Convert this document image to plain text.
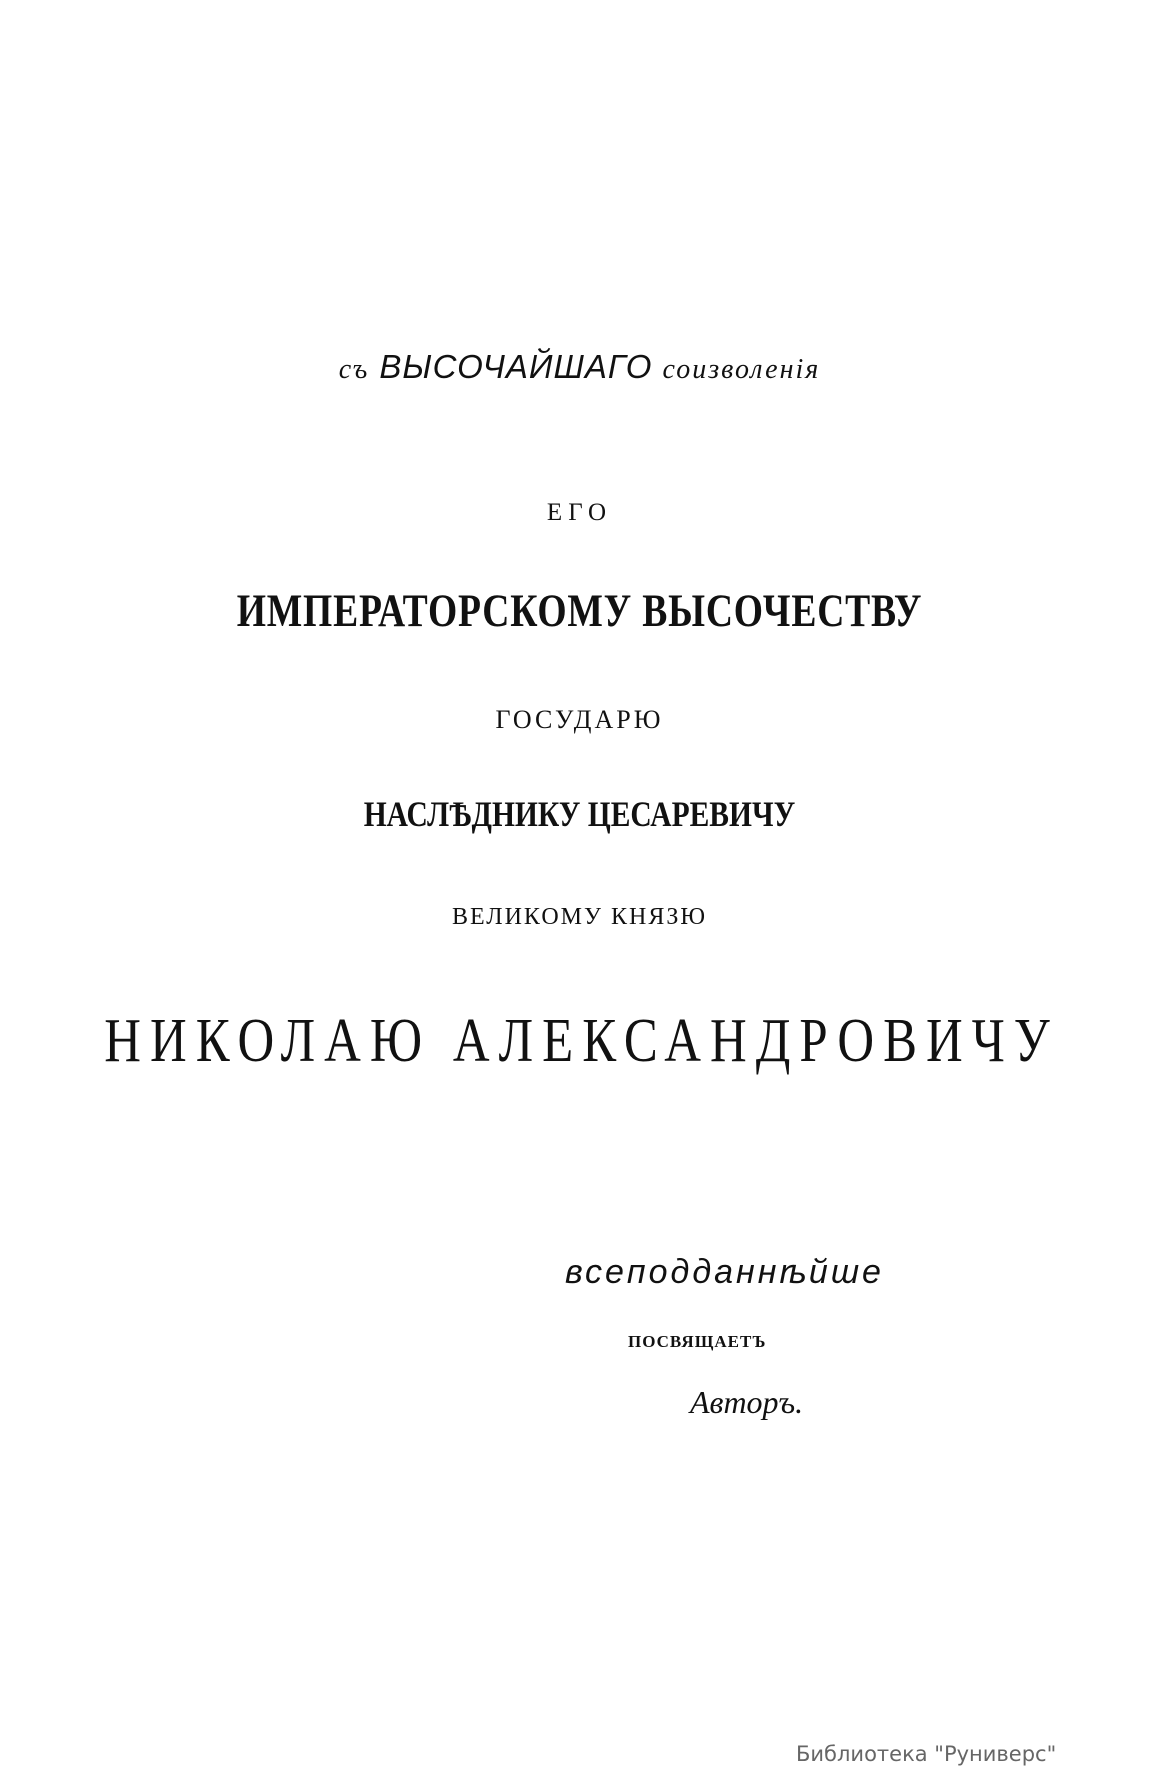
съ ВЫСОЧАЙШАГО соизволенія
ЕГО
ИМПЕРАТОРСКОМУ ВЫСОЧЕСТВУ
ГОСУДАРЮ
НАСЛѢДНИКУ ЦЕСАРЕВИЧУ
ВЕЛИКОМУ КНЯЗЮ
НИКОЛАЮ АЛЕКСАНДРОВИЧУ
всеподданнѣйше
ПОСВЯЩАЕТЪ
Авторъ.
Библиотека "Руниверс"
